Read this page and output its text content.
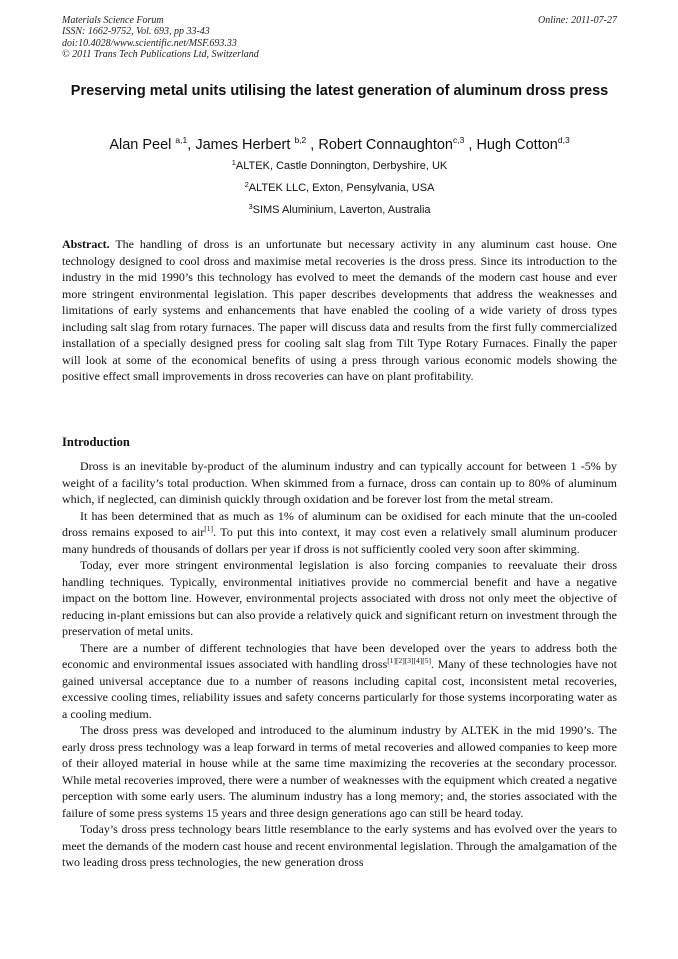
Materials Science Forum
ISSN: 1662-9752, Vol. 693, pp 33-43
doi:10.4028/www.scientific.net/MSF.693.33
© 2011 Trans Tech Publications Ltd, Switzerland
Online: 2011-07-27
Preserving metal units utilising the latest generation of aluminum dross press
Alan Peel $^{a,1}$, James Herbert $^{b,2}$ , Robert Connaughton$^{c,3}$ , Hugh Cotton$^{d,3}$
$^1$ALTEK, Castle Donnington, Derbyshire, UK
$^2$ALTEK LLC, Exton, Pensylvania, USA
$^3$SIMS Aluminium, Laverton, Australia

Abstract. The handling of dross is an unfortunate but necessary activity in any aluminum cast house. One technology designed to cool dross and maximise metal recoveries is the dross press. Since its introduction to the industry in the mid 1990’s this technology has evolved to meet the demands of the modern cast house and ever more stringent environmental legislation. This paper describes developments that address the weaknesses and limitations of early systems and enhancements that have enabled the cooling of a wide variety of dross types including salt slag from rotary furnaces. The paper will discuss data and results from the first fully commercialized installation of a specially designed press for cooling salt slag from Tilt Type Rotary Furnaces. Finally the paper will look at some of the economical benefits of using a press through various economic models showing the positive effect small improvements in dross recoveries can have on plant profitability.

Introduction

Dross is an inevitable by-product of the aluminum industry and can typically account for between 1 -5% by weight of a facility’s total production. When skimmed from a furnace, dross can contain up to 80% of aluminum which, if neglected, can diminish quickly through oxidation and be forever lost from the metal stream.

It has been determined that as much as 1% of aluminum can be oxidised for each minute that the un-cooled dross remains exposed to air[1]. To put this into context, it may cost even a relatively small aluminum producer many hundreds of thousands of dollars per year if dross is not sufficiently cooled very soon after skimming.

Today, ever more stringent environmental legislation is also forcing companies to reevaluate their dross handling techniques. Typically, environmental initiatives provide no commercial benefit and have a negative impact on the bottom line. However, environmental projects associated with dross not only meet the objective of reducing in-plant emissions but can also provide a relatively quick and significant return on investment through the preservation of metal units.

There are a number of different technologies that have been developed over the years to address both the economic and environmental issues associated with handling dross[1][2][3][4][5]. Many of these technologies have not gained universal acceptance due to a number of reasons including capital cost, inconsistent metal recoveries, excessive cooling times, reliability issues and safety concerns particularly for those systems incorporating water as a cooling medium.

The dross press was developed and introduced to the aluminum industry by ALTEK in the mid 1990’s. The early dross press technology was a leap forward in terms of metal recoveries and allowed companies to keep more of their alloyed material in house while at the same time maximizing the recoveries at the secondary processor. While metal recoveries improved, there were a number of weaknesses with the equipment which created a negative perception with some early users. The aluminum industry has a long memory; and, the stories associated with the failure of some press systems 15 years and three design generations ago can still be heard today.

Today’s dross press technology bears little resemblance to the early systems and has evolved over the years to meet the demands of the modern cast house and recent environmental legislation. Through the amalgamation of the two leading dross press technologies, the new generation dross
